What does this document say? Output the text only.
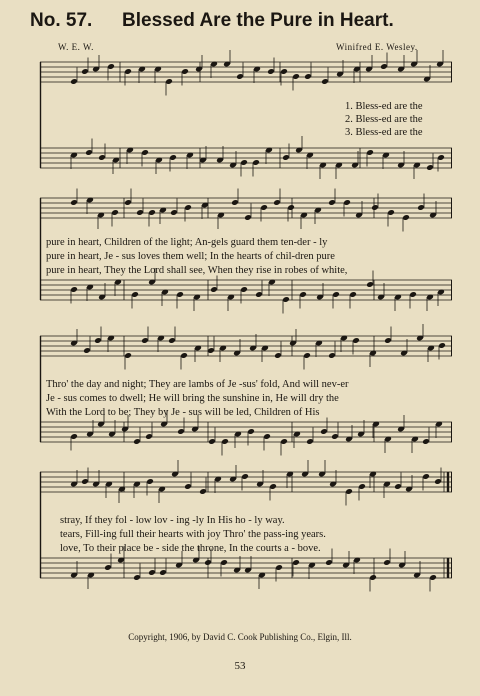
No. 57. Blessed Are the Pure in Heart.
W. E. W.	Winifred E. Wesley.
1. Bless-ed are the
2. Bless-ed are the
3. Bless-ed are the
pure in heart, Children of the light; An-gels guard them ten-der - ly
pure in heart, Je - sus loves them well; In the hearts of chil-dren pure
pure in heart, They the Lord shall see, When they rise in robes of white,
Thro' the day and night; They are lambs of Je -sus' fold, And will nev-er
Je - sus comes to dwell; He will bring the sunshine in, He will dry the
With the Lord to be; They by Je - sus will be led, Children of His
stray, If they fol - low lov - ing -ly In His ho - ly way.
tears, Fill-ing full their hearts with joy Thro' the pass-ing years.
love, To their place be - side the throne, In the courts a - bove.
Copyright, 1906, by David C. Cook Publishing Co., Elgin, Ill.
53
